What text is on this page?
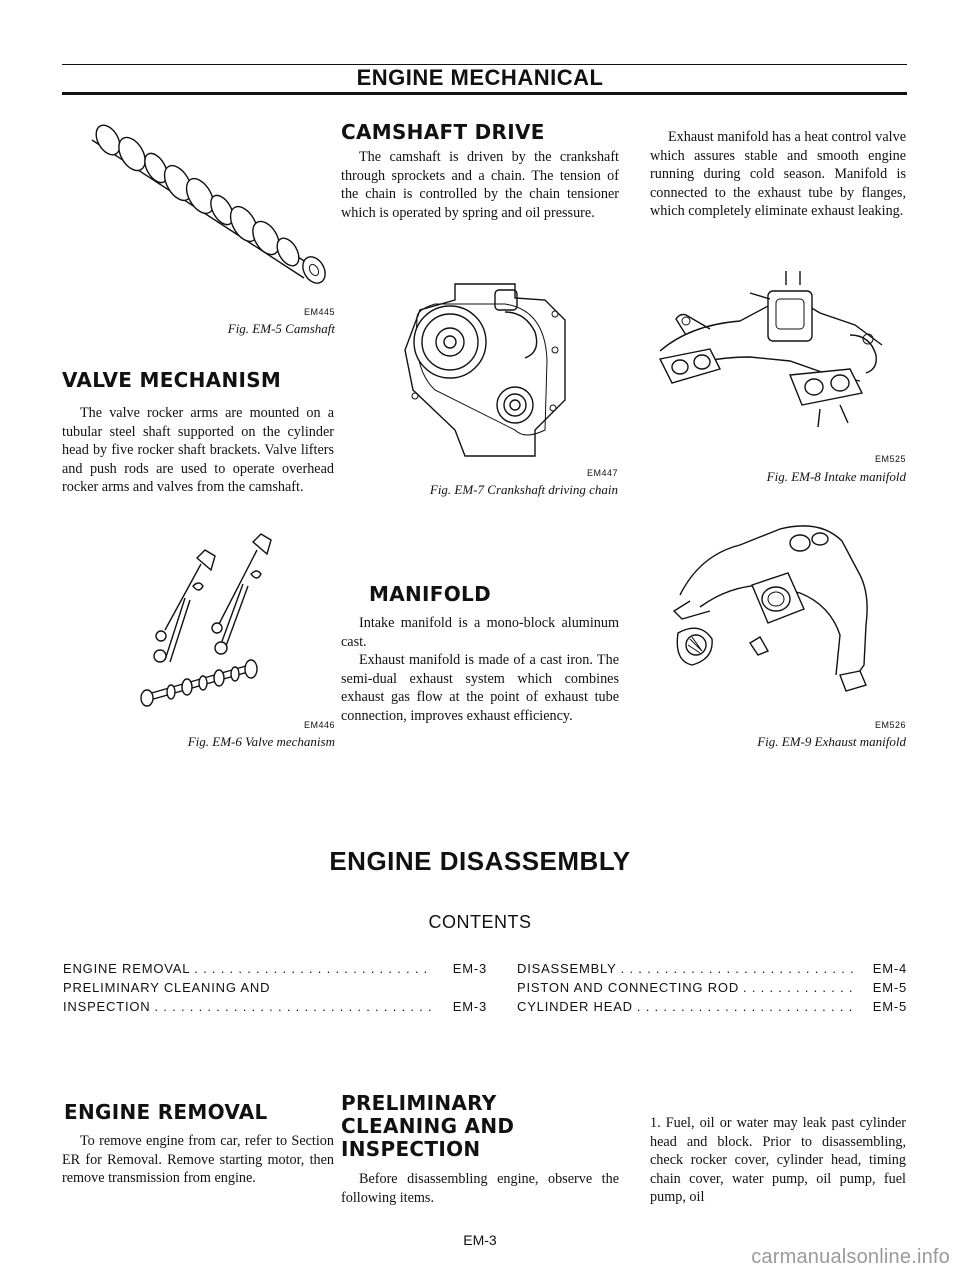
ENGINE MECHANICAL
EM445
Fig. EM-5 Camshaft
VALVE MECHANISM

The valve rocker arms are mounted on a tubular steel shaft supported on the cylinder head by five rocker shaft brackets. Valve lifters and push rods are used to operate overhead rocker arms and valves from the camshaft.

EM446
Fig. EM-6 Valve mechanism
CAMSHAFT DRIVE

The camshaft is driven by the crankshaft through sprockets and a chain. The tension of the chain is controlled by the chain tensioner which is operated by spring and oil pressure.

EM447
Fig. EM-7 Crankshaft driving chain
MANIFOLD

Intake manifold is a mono-block aluminum cast.

Exhaust manifold is made of a cast iron. The semi-dual exhaust system which combines exhaust gas flow at the point of exhaust tube connection, improves exhaust efficiency.

Exhaust manifold has a heat control valve which assures stable and smooth engine running during cold season. Manifold is connected to the exhaust tube by flanges, which completely eliminate exhaust leaking.

EM525
Fig. EM-8 Intake manifold
EM526
Fig. EM-9 Exhaust manifold
ENGINE DISASSEMBLY
CONTENTS
ENGINE REMOVAL . . .	EM-3
PRELIMINARY CLEANING AND
INSPECTION . . .	EM-3
DISASSEMBLY . . .	EM-4
PISTON AND CONNECTING ROD . . .	EM-5
CYLINDER HEAD . . .	EM-5
ENGINE REMOVAL

To remove engine from car, refer to Section ER for Removal. Remove starting motor, then remove transmission from engine.

PRELIMINARY
CLEANING AND
INSPECTION

Before disassembling engine, observe the following items.

1. Fuel, oil or water may leak past cylinder head and block. Prior to disassembling, check rocker cover, cylinder head, timing chain cover, water pump, oil pump, fuel pump, oil

EM-3
carmanualsonline.info
